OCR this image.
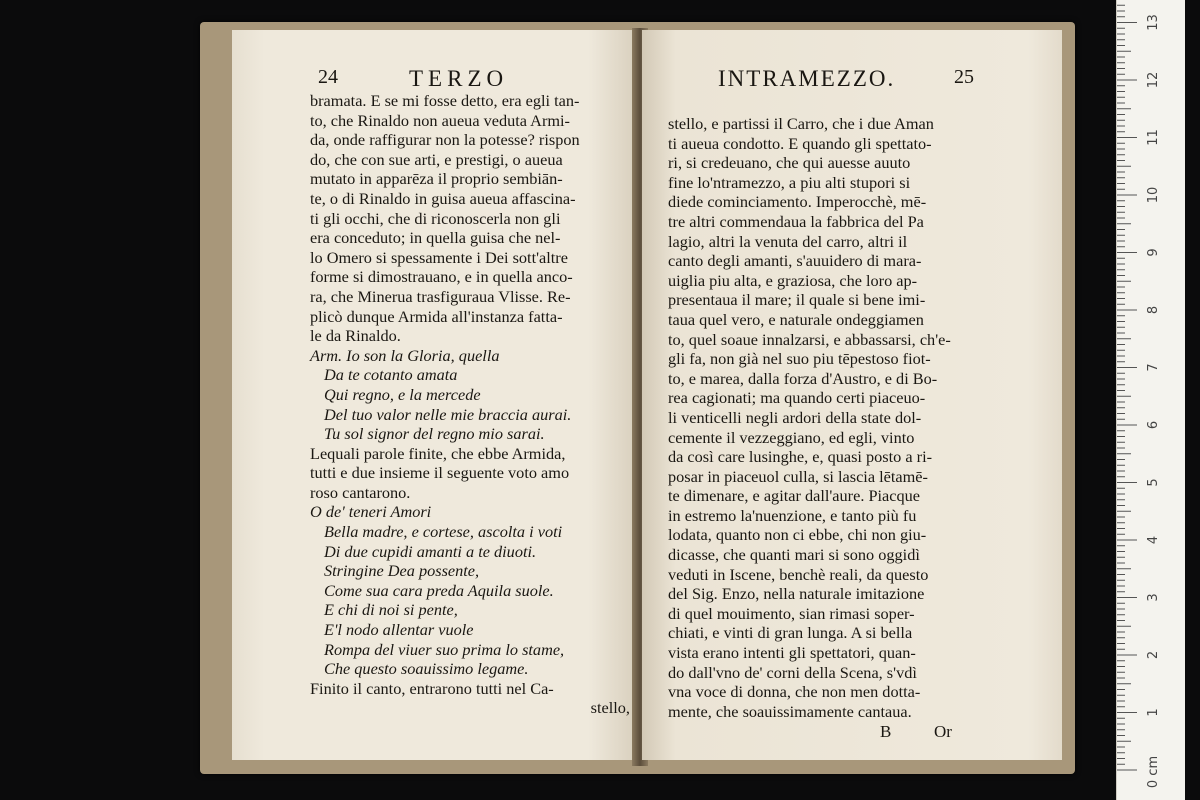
24	TERZO
bramata. E se mi fosse detto, era egli tan-
to, che Rinaldo non aueua veduta Armi-
da, onde raffigurar non la potesse? rispon
do, che con sue arti, e prestigi, o aueua
mutato in apparēza il proprio sembiān-
te, o di Rinaldo in guisa aueua affascina-
ti gli occhi, che di riconoscerla non gli
era conceduto; in quella guisa che nel-
lo Omero si spessamente i Dei sott'altre
forme si dimostrauano, e in quella anco-
ra, che Minerua trasfiguraua Vlisse. Re-
plicò dunque Armida all'instanza fatta-
le da Rinaldo.
Arm. Io son la Gloria, quella
Da te cotanto amata
Qui regno, e la mercede
Del tuo valor nelle mie braccia aurai.
Tu sol signor del regno mio sarai.
Lequali parole finite, che ebbe Armida,
tutti e due insieme il seguente voto amo
roso cantarono.
O de' teneri Amori
Bella madre, e cortese, ascolta i voti
Di due cupidi amanti a te diuoti.
Stringine Dea possente,
Come sua cara preda Aquila suole.
E chi di noi si pente,
E'l nodo allentar vuole
Rompa del viuer suo prima lo stame,
Che questo soauissimo legame.
Finito il canto, entrarono tutti nel Ca-
stello,
INTRAMEZZO.	25
stello, e partissi il Carro, che i due Aman
ti aueua condotto. E quando gli spettato-
ri, si credeuano, che qui auesse auuto
fine lo'ntramezzo, a piu alti stupori si
diede cominciamento. Imperocchè, mē-
tre altri commendaua la fabbrica del Pa
lagio, altri la venuta del carro, altri il
canto degli amanti, s'auuidero di mara-
uiglia piu alta, e graziosa, che loro ap-
presentaua il mare; il quale si bene imi-
taua quel vero, e naturale ondeggiamen
to, quel soaue innalzarsi, e abbassarsi, ch'e-
gli fa, non già nel suo piu tēpestoso fiot-
to, e marea, dalla forza d'Austro, e di Bo-
rea cagionati; ma quando certi piaceuo-
li venticelli negli ardori della state dol-
cemente il vezzeggiano, ed egli, vinto
da così care lusinghe, e, quasi posto a ri-
posar in piaceuol culla, si lascia lētamē-
te dimenare, e agitar dall'aure. Piacque
in estremo la'nuenzione, e tanto più fu
lodata, quanto non ci ebbe, chi non giu-
dicasse, che quanti mari si sono oggidì
veduti in Iscene, benchè reali, da questo
del Sig. Enzo, nella naturale imitazione
di quel mouimento, sian rimasi soper-
chiati, e vinti di gran lunga. A si bella
vista erano intenti gli spettatori, quan-
do dall'vno de' corni della Scena, s'vdì
vna voce di donna, che non men dotta-
mente, che soauissimamente cantaua.
B	Or
1
2
3
4
5
6
7
8
9
10
11
12
13
0 cm
